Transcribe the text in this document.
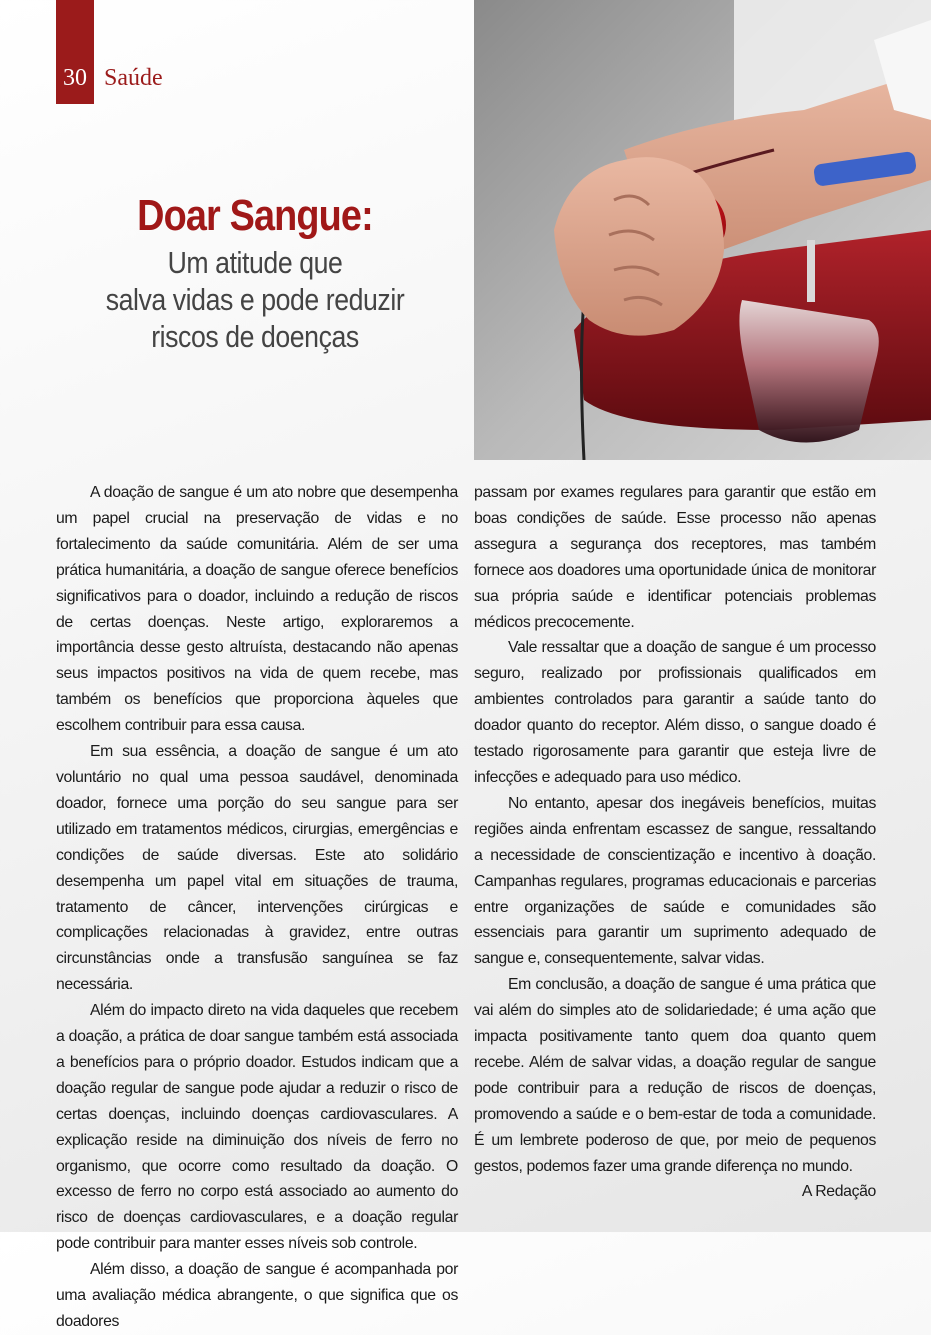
30 Saúde
Doar Sangue:
Um atitude que
salva vidas e pode reduzir
riscos de doenças

A doação de sangue é um ato nobre que desempenha um papel crucial na preservação de vidas e no fortalecimento da saúde comunitária. Além de ser uma prática humanitária, a doação de sangue oferece benefícios significativos para o doador, incluindo a redução de riscos de certas doenças. Neste artigo, exploraremos a importância desse gesto altruísta, destacando não apenas seus impactos positivos na vida de quem recebe, mas também os benefícios que proporciona àqueles que escolhem contribuir para essa causa.

Em sua essência, a doação de sangue é um ato voluntário no qual uma pessoa saudável, denominada doador, fornece uma porção do seu sangue para ser utilizado em tratamentos médicos, cirurgias, emergências e condições de saúde diversas. Este ato solidário desempenha um papel vital em situações de trauma, tratamento de câncer, intervenções cirúrgicas e complicações relacionadas à gravidez, entre outras circunstâncias onde a transfusão sanguínea se faz necessária.

Além do impacto direto na vida daqueles que recebem a doação, a prática de doar sangue também está associada a benefícios para o próprio doador. Estudos indicam que a doação regular de sangue pode ajudar a reduzir o risco de certas doenças, incluindo doenças cardiovasculares. A explicação reside na diminuição dos níveis de ferro no organismo, que ocorre como resultado da doação. O excesso de ferro no corpo está associado ao aumento do risco de doenças cardiovasculares, e a doação regular pode contribuir para manter esses níveis sob controle.

Além disso, a doação de sangue é acompanhada por uma avaliação médica abrangente, o que significa que os doadores

passam por exames regulares para garantir que estão em boas condições de saúde. Esse processo não apenas assegura a segurança dos receptores, mas também fornece aos doadores uma oportunidade única de monitorar sua própria saúde e identificar potenciais problemas médicos precocemente.

Vale ressaltar que a doação de sangue é um processo seguro, realizado por profissionais qualificados em ambientes controlados para garantir a saúde tanto do doador quanto do receptor. Além disso, o sangue doado é testado rigorosamente para garantir que esteja livre de infecções e adequado para uso médico.

No entanto, apesar dos inegáveis benefícios, muitas regiões ainda enfrentam escassez de sangue, ressaltando a necessidade de conscientização e incentivo à doação. Campanhas regulares, programas educacionais e parcerias entre organizações de saúde e comunidades são essenciais para garantir um suprimento adequado de sangue e, consequentemente, salvar vidas.

Em conclusão, a doação de sangue é uma prática que vai além do simples ato de solidariedade; é uma ação que impacta positivamente tanto quem doa quanto quem recebe. Além de salvar vidas, a doação regular de sangue pode contribuir para a redução de riscos de doenças, promovendo a saúde e o bem-estar de toda a comunidade. É um lembrete poderoso de que, por meio de pequenos gestos, podemos fazer uma grande diferença no mundo.

A Redação
